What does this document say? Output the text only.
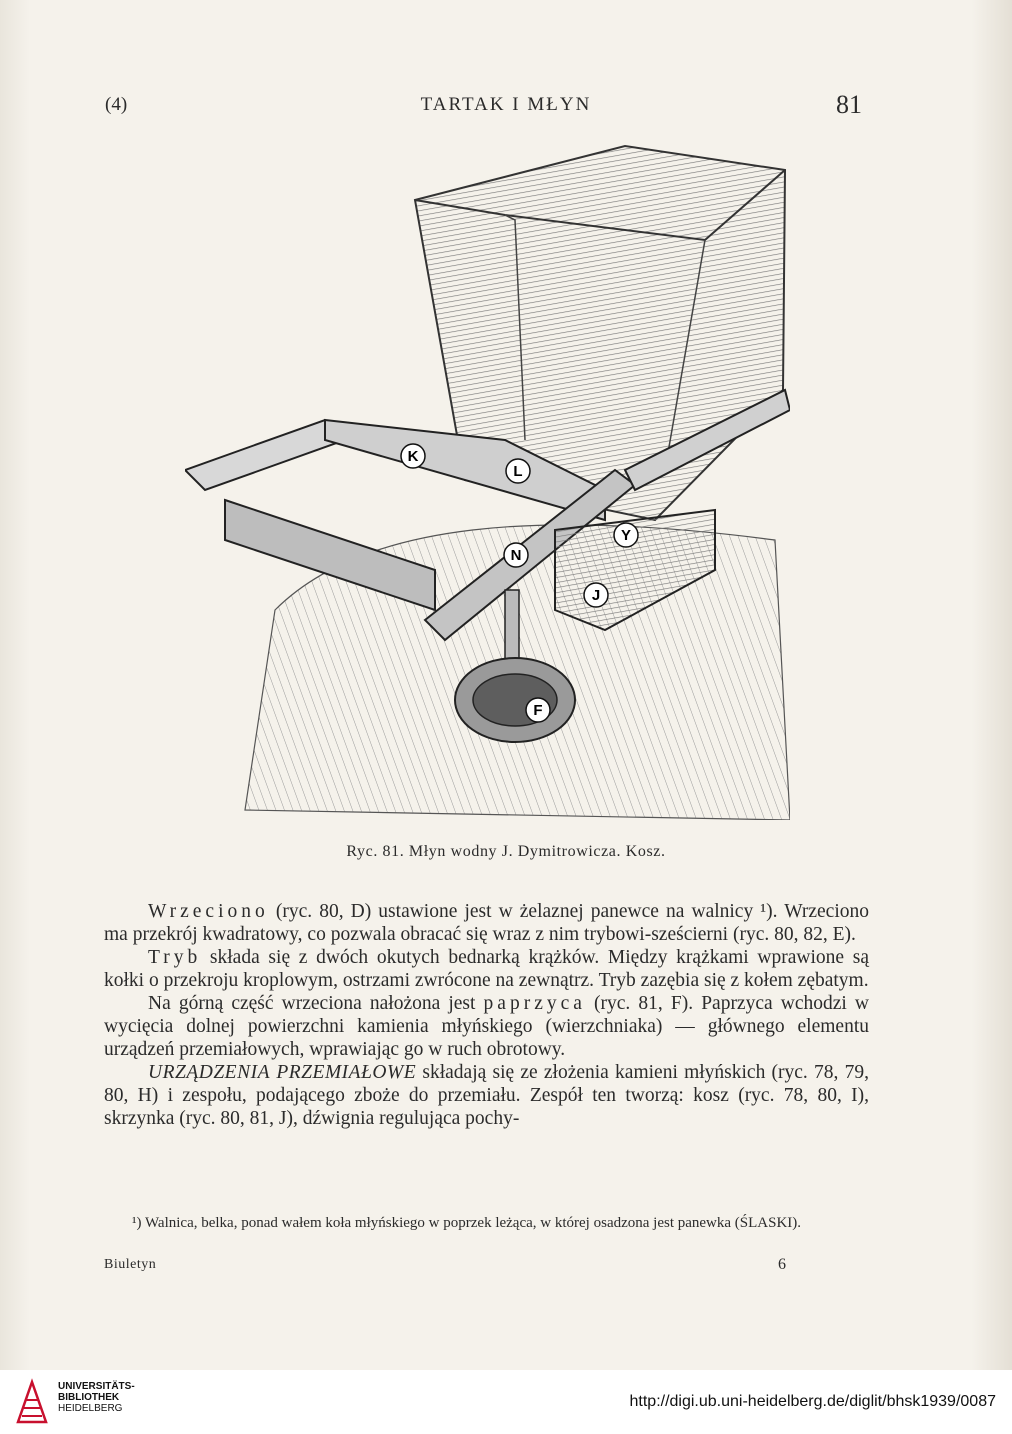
(4)	TARTAK I MŁYN	81
K
L
N
Y
J
F
Ryc. 81. Młyn wodny J. Dymitrowicza. Kosz.

Wrzeciono (ryc. 80, D) ustawione jest w żelaznej panewce na walnicy ¹). Wrzeciono ma przekrój kwadratowy, co pozwala obracać się wraz z nim trybowi-sześcierni (ryc. 80, 82, E).

Tryb składa się z dwóch okutych bednarką krążków. Między krążkami wprawione są kołki o przekroju kroplowym, ostrzami zwrócone na zewnątrz. Tryb zazębia się z kołem zębatym.

Na górną część wrzeciona nałożona jest paprzyca (ryc. 81, F). Paprzyca wchodzi w wycięcia dolnej powierzchni kamienia młyńskiego (wierzchniaka) — głównego elementu urządzeń przemiałowych, wprawiając go w ruch obrotowy.

URZĄDZENIA PRZEMIAŁOWE składają się ze złożenia kamieni młyńskich (ryc. 78, 79, 80, H) i zespołu, podającego zboże do przemiału. Zespół ten tworzą: kosz (ryc. 78, 80, I), skrzynka (ryc. 80, 81, J), dźwignia regulująca pochy-

¹) Walnica, belka, ponad wałem koła młyńskiego w poprzek leżąca, w której osadzona jest panewka (ŚLASKI).

Biuletyn	6
UNIVERSITÄTS-
BIBLIOTHEK
HEIDELBERG	http://digi.ub.uni-heidelberg.de/diglit/bhsk1939/0087
